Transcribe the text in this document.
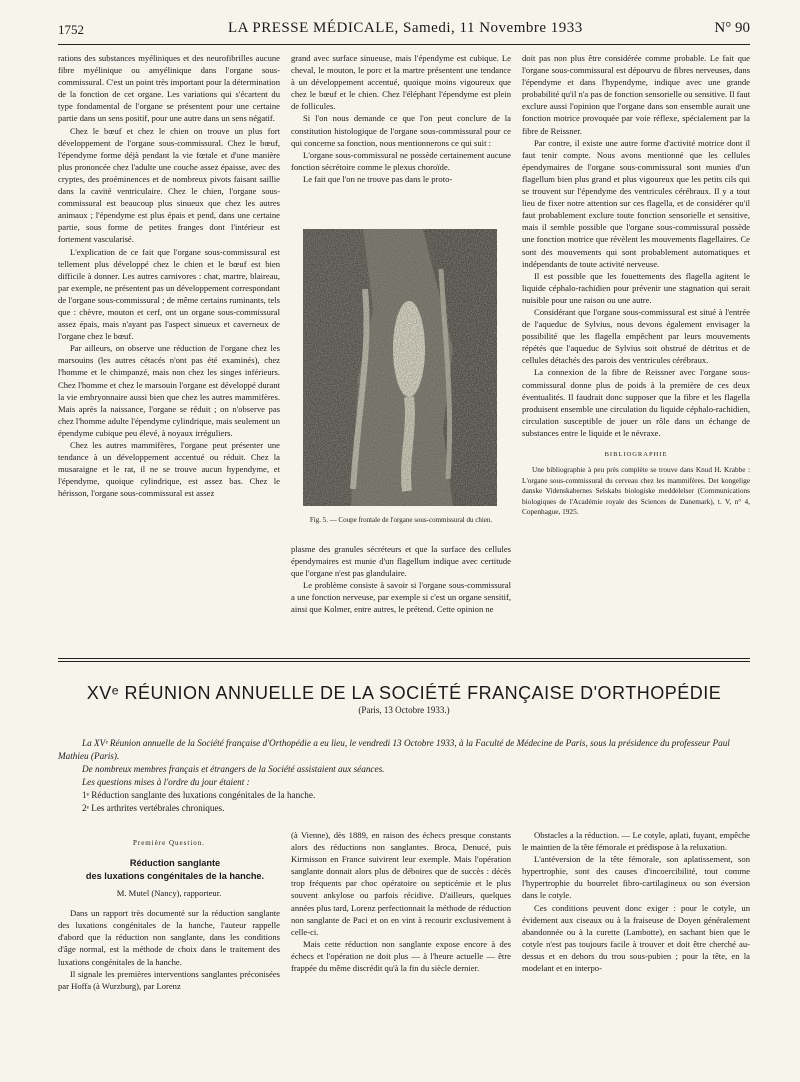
1752	LA PRESSE MÉDICALE, Samedi, 11 Novembre 1933	N° 90

rations des substances myéliniques et des neurofibrilles aucune fibre myélinique ou amyélinique dans l'organe sous-commissural. C'est un point très important pour la détermination de la fonction de cet organe. Les variations qui s'écartent du type fondamental de l'organe se présentent pour une certaine partie dans un sens positif, pour une autre dans un sens négatif.

Chez le bœuf et chez le chien on trouve un plus fort développement de l'organe sous-commissural. Chez le bœuf, l'épendyme forme déjà pendant la vie fœtale et d'une manière plus prononcée chez l'adulte une couche assez épaisse, avec des cryptes, des proéminences et de nombreux pivots faisant saillie dans la cavité ventriculaire. Chez le chien, l'organe sous-commissural est beaucoup plus sinueux que chez les autres animaux ; l'épendyme est plus épais et pend, dans une certaine partie, sous forme de petites franges dont l'intérieur est fortement vascularisé.

L'explication de ce fait que l'organe sous-commissural est tellement plus développé chez le chien et le bœuf est bien difficile à donner. Les autres carnivores : chat, martre, blaireau, par exemple, ne présentent pas un développement correspondant de l'organe sous-commissural ; de même certains ruminants, tels que : chèvre, mouton et cerf, ont un organe sous-commissural assez épais, mais n'ayant pas l'aspect sinueux et caverneux de l'organe chez le bœuf.

Par ailleurs, on observe une réduction de l'organe chez les marsouins (les autres cétacés n'ont pas été examinés), chez l'homme et le chimpanzé, mais non chez les singes inférieurs. Chez l'homme et chez le marsouin l'organe est développé durant la vie embryonnaire aussi bien que chez les autres mammifères. Mais après la naissance, l'organe se réduit ; on n'observe pas chez l'homme adulte l'épendyme cylindrique, mais seulement un épendyme cubique peu élevé, à noyaux irréguliers.

Chez les autres mammifères, l'organe peut présenter une tendance à un développement accentué ou réduit. Chez la musaraigne et le rat, il ne se trouve aucun hypendyme, et l'épendyme, quoique cylindrique, est assez bas. Chez le hérisson, l'organe sous-commissural est assez

grand avec surface sinueuse, mais l'épendyme est cubique. Le cheval, le mouton, le porc et la martre présentent une tendance à un développement accentué, quoique moins vigoureux que chez le bœuf et le chien. Chez l'éléphant l'épendyme est plein de follicules.

Si l'on nous demande ce que l'on peut conclure de la constitution histologique de l'organe sous-commissural pour ce qui concerne sa fonction, nous mentionnerons ce qui suit :

L'organe sous-commissural ne possède certainement aucune fonction sécrétoire comme le plexus choroïde.

Le fait que l'on ne trouve pas dans le proto-

Fig. 5. — Coupe frontale de l'organe sous-commissural du chien.

plasme des granules sécréteurs et que la surface des cellules épendymaires est munie d'un flagellum indique avec certitude que l'organe n'est pas glandulaire.

Le problème consiste à savoir si l'organe sous-commissural a une fonction nerveuse, par exemple si c'est un organe sensitif, ainsi que Kolmer, entre autres, le prétend. Cette opinion ne

doit pas non plus être considérée comme probable. Le fait que l'organe sous-commissural est dépourvu de fibres nerveuses, dans l'épendyme et dans l'hypendyme, indique avec une grande probabilité qu'il n'a pas de fonction sensorielle ou sensitive. Il faut exclure aussi l'opinion que l'organe dans son ensemble aurait une fonction motrice provoquée par voie réflexe, spécialement par la fibre de Reissner.

Par contre, il existe une autre forme d'activité motrice dont il faut tenir compte. Nous avons mentionné que les cellules épendymaires de l'organe sous-commissural sont munies d'un flagellum bien plus grand et plus vigoureux que les petits cils qui se trouvent sur l'épendyme des ventricules cérébraux. Il y a tout lieu de fixer notre attention sur ces flagella, et de considérer qu'il faut probablement exclure toute fonction sensorielle et sensitive, mais il semble possible que l'organe sous-commissural possède une fonction motrice que révèlent les mouvements flagellaires. Ce sont des mouvements qui sont probablement automatiques et indépendants de toute activité nerveuse.

Il est possible que les fouettements des flagella agitent le liquide céphalo-rachidien pour prévenir une stagnation qui serait nuisible pour une raison ou une autre.

Considérant que l'organe sous-commissural est situé à l'entrée de l'aqueduc de Sylvius, nous devons également envisager la possibilité que les flagella empêchent par leurs mouvements répétés que l'aqueduc de Sylvius soit obstrué de détritus et de cellules détachés des parois des ventricules cérébraux.

La connexion de la fibre de Reissner avec l'organe sous-commissural donne plus de poids à la première de ces deux éventualités. Il faudrait donc supposer que la fibre et les flagella produisent ensemble une circulation du liquide céphalo-rachidien, circulation susceptible de jouer un rôle dans un échange de substances entre le liquide et le névraxe.

BIBLIOGRAPHIE

Une bibliographie à peu près complète se trouve dans Knud H. Krabbe : L'organe sous-commissural du cerveau chez les mammifères. Det kongelige danske Videnskabernes Selskabs biologiske meddelelser (Communications biologiques de l'Académie royale des Sciences de Danemark), t. V, n° 4, Copenhague, 1925.

XVᵉ RÉUNION ANNUELLE DE LA SOCIÉTÉ FRANÇAISE D'ORTHOPÉDIE
(Paris, 13 Octobre 1933.)

La XVᵉ Réunion annuelle de la Société française d'Orthopédie a eu lieu, le vendredi 13 Octobre 1933, à la Faculté de Médecine de Paris, sous la présidence du professeur Paul Mathieu (Paris).

De nombreux membres français et étrangers de la Société assistaient aux séances.

Les questions mises à l'ordre du jour étaient :

1ᵉ Réduction sanglante des luxations congénitales de la hanche.

2ᵉ Les arthrites vertébrales chroniques.

Première Question.

Réduction sanglante

des luxations congénitales de la hanche.

M. Mutel (Nancy), rapporteur.

Dans un rapport très documenté sur la réduction sanglante des luxations congénitales de la hanche, l'auteur rappelle d'abord que la réduction non sanglante, dans les conditions d'âge normal, est la méthode de choix dans le traitement des luxations congénitales de la hanche.

Il signale les premières interventions sanglantes préconisées par Hoffa (à Wurzburg), par Lorenz

(à Vienne), dès 1889, en raison des échecs presque constants alors des réductions non sanglantes. Broca, Denucé, puis Kirmisson en France suivirent leur exemple. Mais l'opération sanglante donnait alors plus de déboires que de succès : décès trop fréquents par choc opératoire ou septicémie et le plus souvent ankylose ou parfois récidive. D'ailleurs, quelques années plus tard, Lorenz perfectionnait la méthode de réduction non sanglante de Paci et on en vint à recourir exclusivement à celle-ci.

Mais cette réduction non sanglante expose encore à des échecs et l'opération ne doit plus — à l'heure actuelle — être frappée du même discrédit qu'à la fin du siècle dernier.

Obstacles a la réduction. — Le cotyle, aplati, fuyant, empêche le maintien de la tête fémorale et prédispose à la reluxation.

L'antéversion de la tête fémorale, son aplatissement, son hypertrophie, sont des causes d'incoercibilité, tout comme l'hypertrophie du bourrelet fibro-cartilagineux ou son éversion dans le cotyle.

Ces conditions peuvent donc exiger : pour le cotyle, un évidement aux ciseaux ou à la fraiseuse de Doyen généralement abandonnée ou à la curette (Lambotte), en sachant bien que le cotyle n'est pas toujours facile à trouver et doit être cherché au-dessus et en dehors du trou sous-pubien ; pour la tête, en la modelant et en interpo-
